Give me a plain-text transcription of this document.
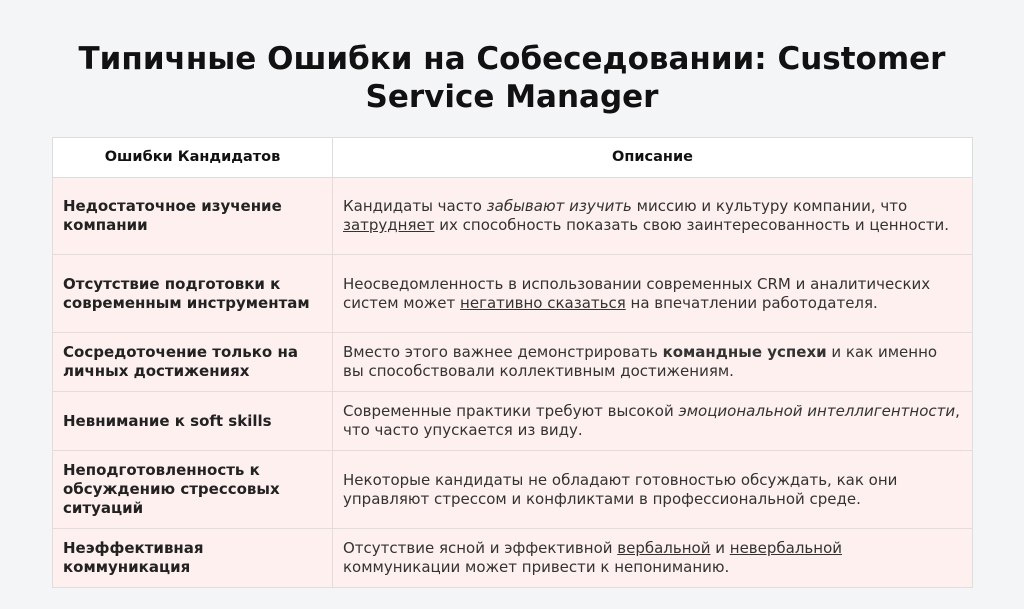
Типичные Ошибки на Собеседовании: Customer
Service Manager
Ошибки Кандидатов	Описание
Недостаточное изучение компании	Кандидаты часто забывают изучить миссию и культуру компании, что затрудняет их способность показать свою заинтересованность и ценности.
Отсутствие подготовки к современным инструментам	Неосведомленность в использовании современных CRM и аналитических систем может негативно сказаться на впечатлении работодателя.
Сосредоточение только на личных достижениях	Вместо этого важнее демонстрировать командные успехи и как именно вы способствовали коллективным достижениям.
Невнимание к soft skills	Современные практики требуют высокой эмоциональной интеллигентности, что часто упускается из виду.
Неподготовленность к обсуждению стрессовых ситуаций	Некоторые кандидаты не обладают готовностью обсуждать, как они управляют стрессом и конфликтами в профессиональной среде.
Неэффективная коммуникация	Отсутствие ясной и эффективной вербальной и невербальной коммуникации может привести к непониманию.
